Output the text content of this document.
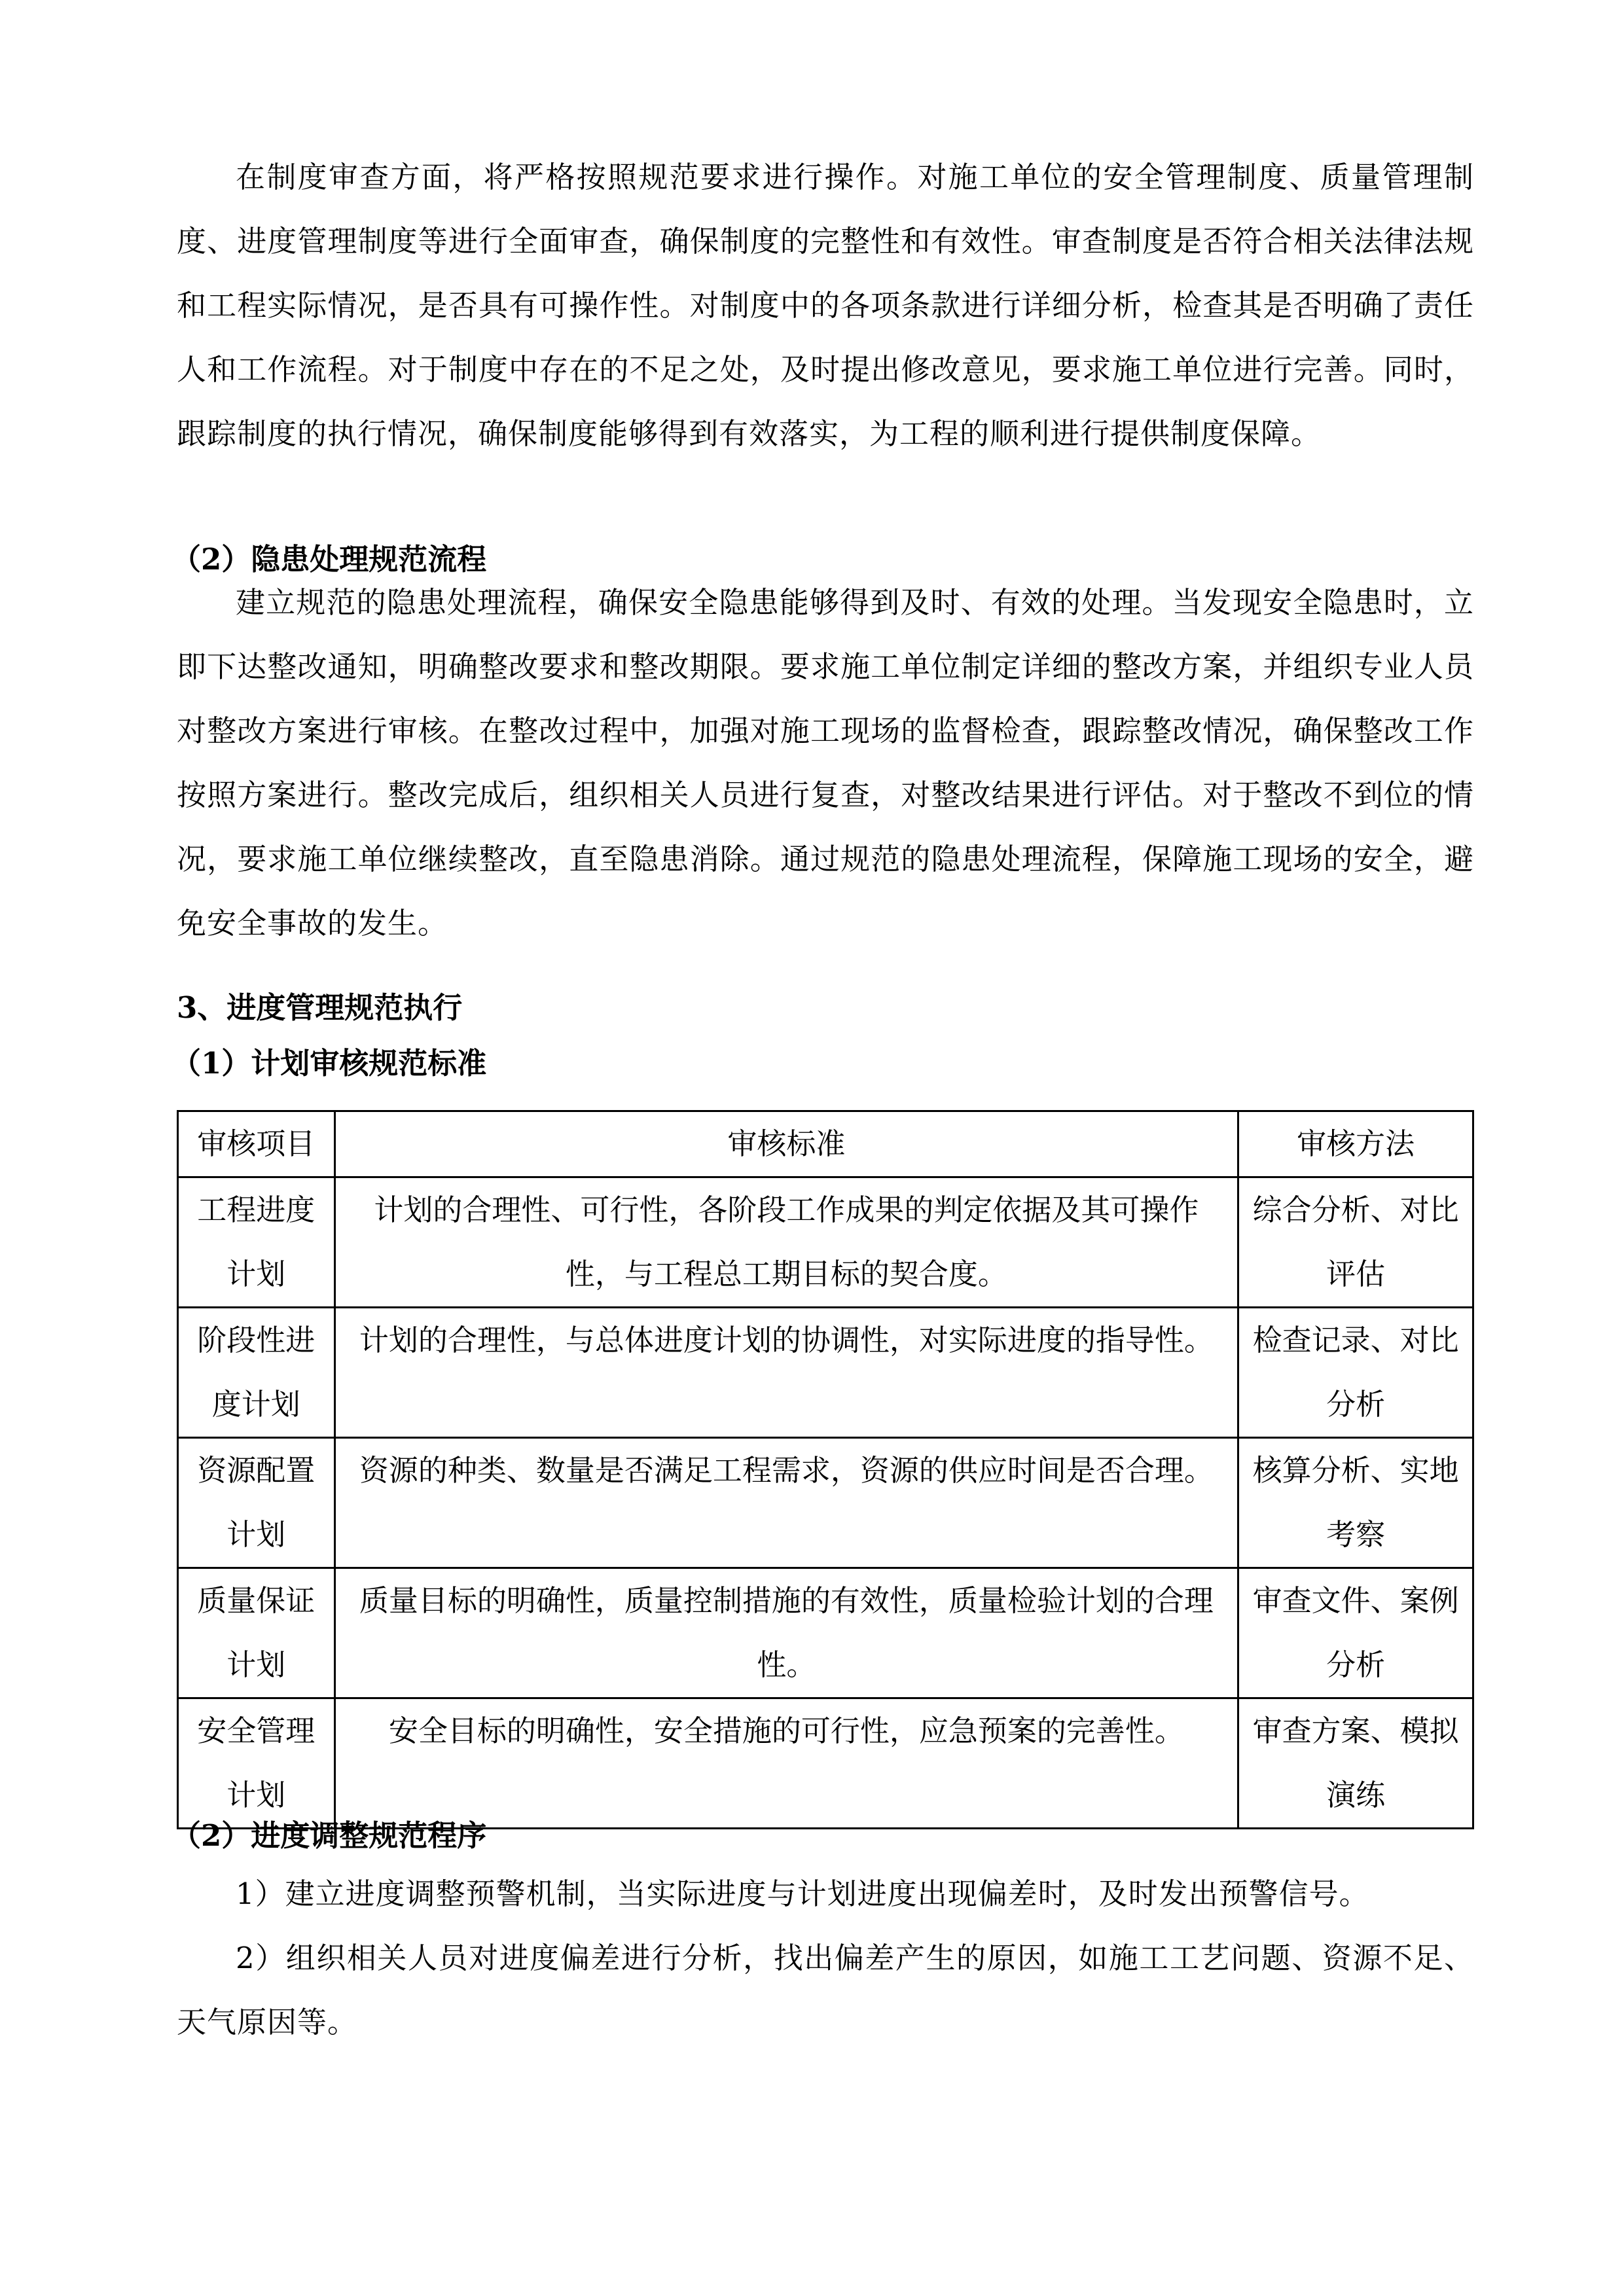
在制度审查方面，将严格按照规范要求进行操作。对施工单位的安全管理制度、质量管理制度、进度管理制度等进行全面审查，确保制度的完整性和有效性。审查制度是否符合相关法律法规和工程实际情况，是否具有可操作性。对制度中的各项条款进行详细分析，检查其是否明确了责任人和工作流程。对于制度中存在的不足之处，及时提出修改意见，要求施工单位进行完善。同时，跟踪制度的执行情况，确保制度能够得到有效落实，为工程的顺利进行提供制度保障。

（2）隐患处理规范流程

建立规范的隐患处理流程，确保安全隐患能够得到及时、有效的处理。当发现安全隐患时，立即下达整改通知，明确整改要求和整改期限。要求施工单位制定详细的整改方案，并组织专业人员对整改方案进行审核。在整改过程中，加强对施工现场的监督检查，跟踪整改情况，确保整改工作按照方案进行。整改完成后，组织相关人员进行复查，对整改结果进行评估。对于整改不到位的情况，要求施工单位继续整改，直至隐患消除。通过规范的隐患处理流程，保障施工现场的安全，避免安全事故的发生。

3、进度管理规范执行

（1）计划审核规范标准

审核项目	审核标准	审核方法
工程进度计划	计划的合理性、可行性，各阶段工作成果的判定依据及其可操作性，与工程总工期目标的契合度。	综合分析、对比评估
阶段性进度计划	计划的合理性，与总体进度计划的协调性，对实际进度的指导性。	检查记录、对比分析
资源配置计划	资源的种类、数量是否满足工程需求，资源的供应时间是否合理。	核算分析、实地考察
质量保证计划	质量目标的明确性，质量控制措施的有效性，质量检验计划的合理性。	审查文件、案例分析
安全管理计划	安全目标的明确性，安全措施的可行性，应急预案的完善性。	审查方案、模拟演练

（2）进度调整规范程序

1）建立进度调整预警机制，当实际进度与计划进度出现偏差时，及时发出预警信号。

2）组织相关人员对进度偏差进行分析，找出偏差产生的原因，如施工工艺问题、资源不足、天气原因等。
